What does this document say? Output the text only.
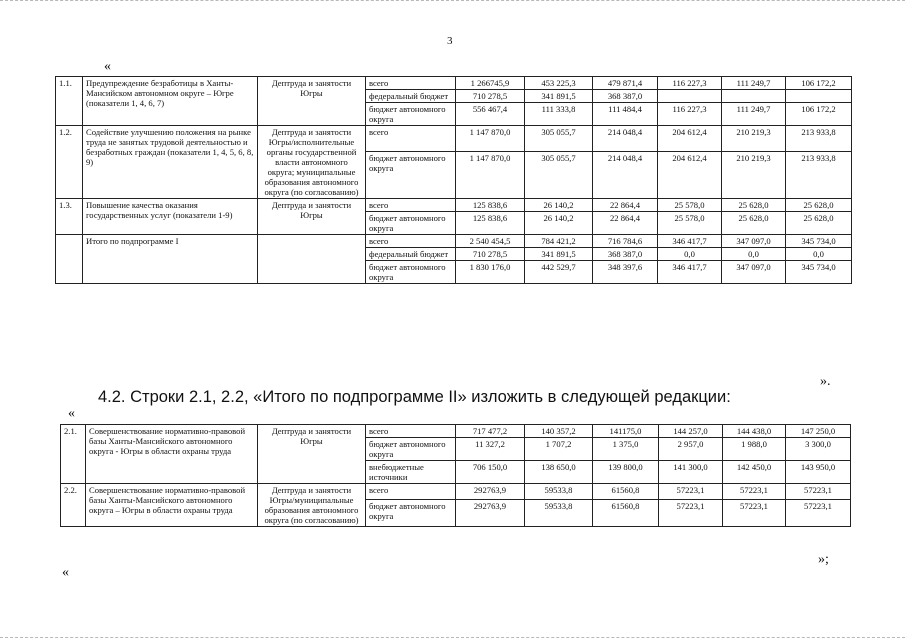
3
«
1.1.	Предупреждение безработицы в Ханты-Мансийском автономном округе – Югре (показатели 1, 4, 6, 7)	Дептруда и занятости Югры	всего	1 266745,9	453 225,3	479 871,4	116 227,3	111 249,7	106 172,2
			федеральный бюджет	710 278,5	341 891,5	368 387,0			
			бюджет автономного округа	556 467,4	111 333,8	111 484,4	116 227,3	111 249,7	106 172,2
1.2.	Содействие улучшению положения на рынке труда не занятых трудовой деятельностью и безработных граждан (показатели 1, 4, 5, 6, 8, 9)	Дептруда и занятости Югры/исполнительные органы государственной власти автономного округа; муниципальные образования автономного округа (по согласованию)	всего	1 147 870,0	305 055,7	214 048,4	204 612,4	210 219,3	213 933,8
			бюджет автономного округа	1 147 870,0	305 055,7	214 048,4	204 612,4	210 219,3	213 933,8
1.3.	Повышение качества оказания государственных услуг (показатели 1-9)	Дептруда и занятости Югры	всего	125 838,6	26 140,2	22 864,4	25 578,0	25 628,0	25 628,0
			бюджет автономного округа	125 838,6	26 140,2	22 864,4	25 578,0	25 628,0	25 628,0
	Итого по подпрограмме I		всего	2 540 454,5	784 421,2	716 784,6	346 417,7	347 097,0	345 734,0
			федеральный бюджет	710 278,5	341 891,5	368 387,0	0,0	0,0	0,0
			бюджет автономного округа	1 830 176,0	442 529,7	348 397,6	346 417,7	347 097,0	345 734,0
».
4.2. Строки 2.1, 2.2, «Итого по подпрограмме II» изложить в следующей редакции:
«
2.1.	Совершенствование нормативно-правовой базы Ханты-Мансийского автономного округа - Югры в области охраны труда	Дептруда и занятости Югры	всего	717 477,2	140 357,2	141175,0	144 257,0	144 438,0	147 250,0
			бюджет автономного округа	11 327,2	1 707,2	1 375,0	2 957,0	1 988,0	3 300,0
			внебюджетные источники	706 150,0	138 650,0	139 800,0	141 300,0	142 450,0	143 950,0
2.2.	Совершенствование нормативно-правовой базы Ханты-Мансийского автономного округа – Югры в области охраны труда	Дептруда и занятости Югры/муниципальные образования автономного округа (по согласованию)	всего	292763,9	59533,8	61560,8	57223,1	57223,1	57223,1
			бюджет автономного округа	292763,9	59533,8	61560,8	57223,1	57223,1	57223,1
»;
«
